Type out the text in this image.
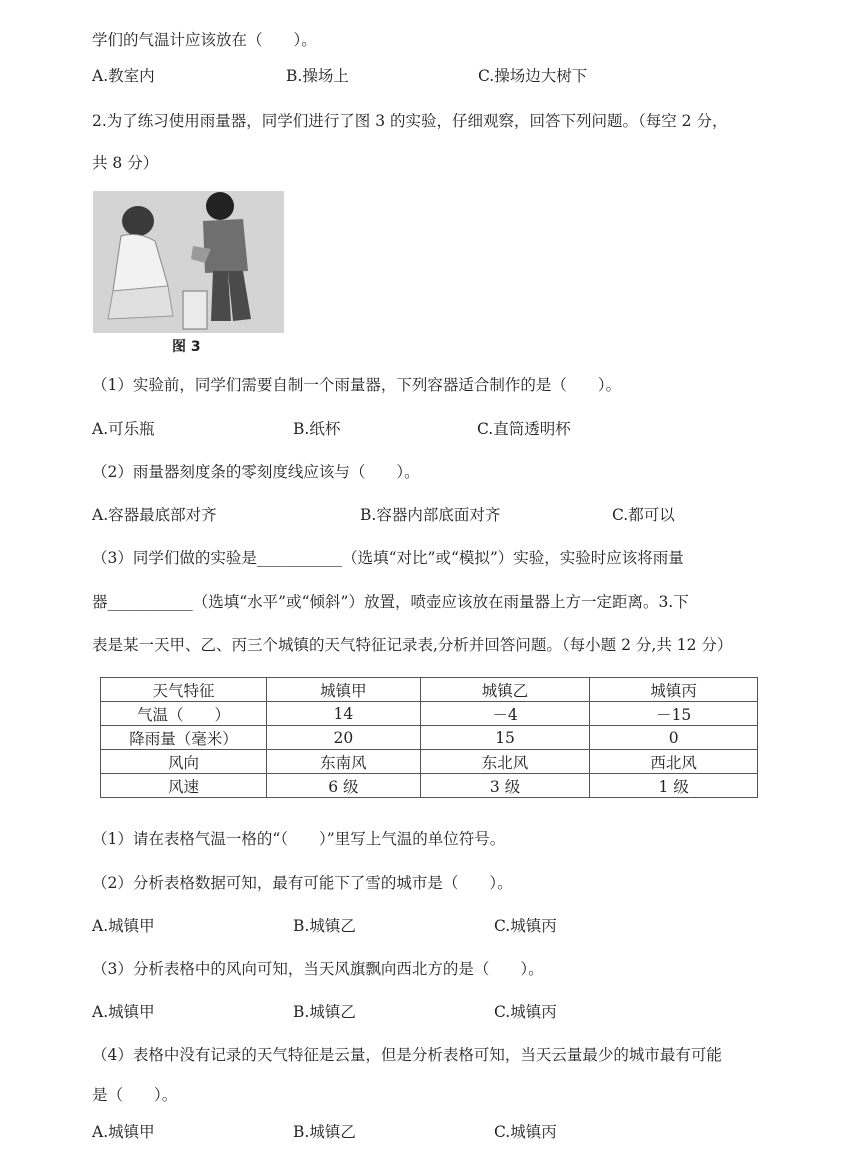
学们的气温计应该放在（　　）。
A.教室内	B.操场上	C.操场边大树下
2.为了练习使用雨量器，同学们进行了图 3 的实验，仔细观察，回答下列问题。（每空 2 分，
共 8 分）
图 3
（1）实验前，同学们需要自制一个雨量器，下列容器适合制作的是（　　）。
A.可乐瓶	B.纸杯	C.直筒透明杯
（2）雨量器刻度条的零刻度线应该与（　　）。
A.容器最底部对齐	B.容器内部底面对齐	C.都可以
（3）同学们做的实验是___________（选填“对比”或“模拟”）实验，实验时应该将雨量
器___________（选填“水平”或“倾斜”）放置，喷壶应该放在雨量器上方一定距离。3.下
表是某一天甲、乙、丙三个城镇的天气特征记录表,分析并回答问题。（每小题 2 分,共 12 分）
天气特征	城镇甲	城镇乙	城镇丙
气温（　　）	14	－4	－15
降雨量（毫米）	20	15	0
风向	东南风	东北风	西北风
风速	6 级	3 级	1 级
（1）请在表格气温一格的“（　　）”里写上气温的单位符号。
（2）分析表格数据可知，最有可能下了雪的城市是（　　）。
A.城镇甲	B.城镇乙	C.城镇丙
（3）分析表格中的风向可知，当天风旗飘向西北方的是（　　）。
A.城镇甲	B.城镇乙	C.城镇丙
（4）表格中没有记录的天气特征是云量，但是分析表格可知，当天云量最少的城市最有可能
是（　　）。
A.城镇甲	B.城镇乙	C.城镇丙
